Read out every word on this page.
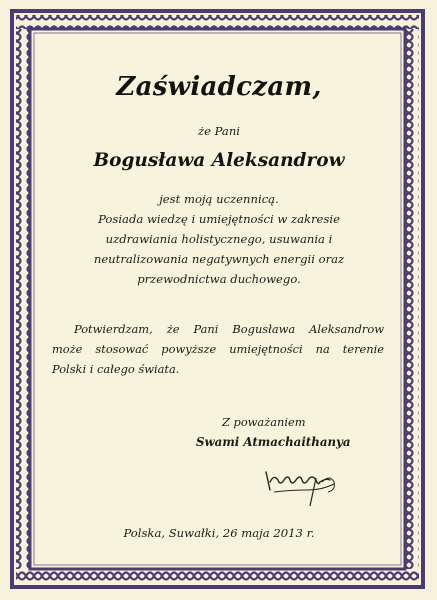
Zaświadczam,
że Pani
Bogusława Aleksandrow
jest moją uczennicą.
Posiada wiedzę i umiejętności w zakresie
uzdrawiania holistycznego, usuwania i
neutralizowania negatywnych energii oraz
przewodnictwa duchowego.
Potwierdzam, że Pani Bogusława Aleksandrow
może stosować powyższe umiejętności na terenie
Polski i całego świata.
Z poważaniem
Swami Atmachaithanya
Polska, Suwałki, 26 maja 2013 r.
